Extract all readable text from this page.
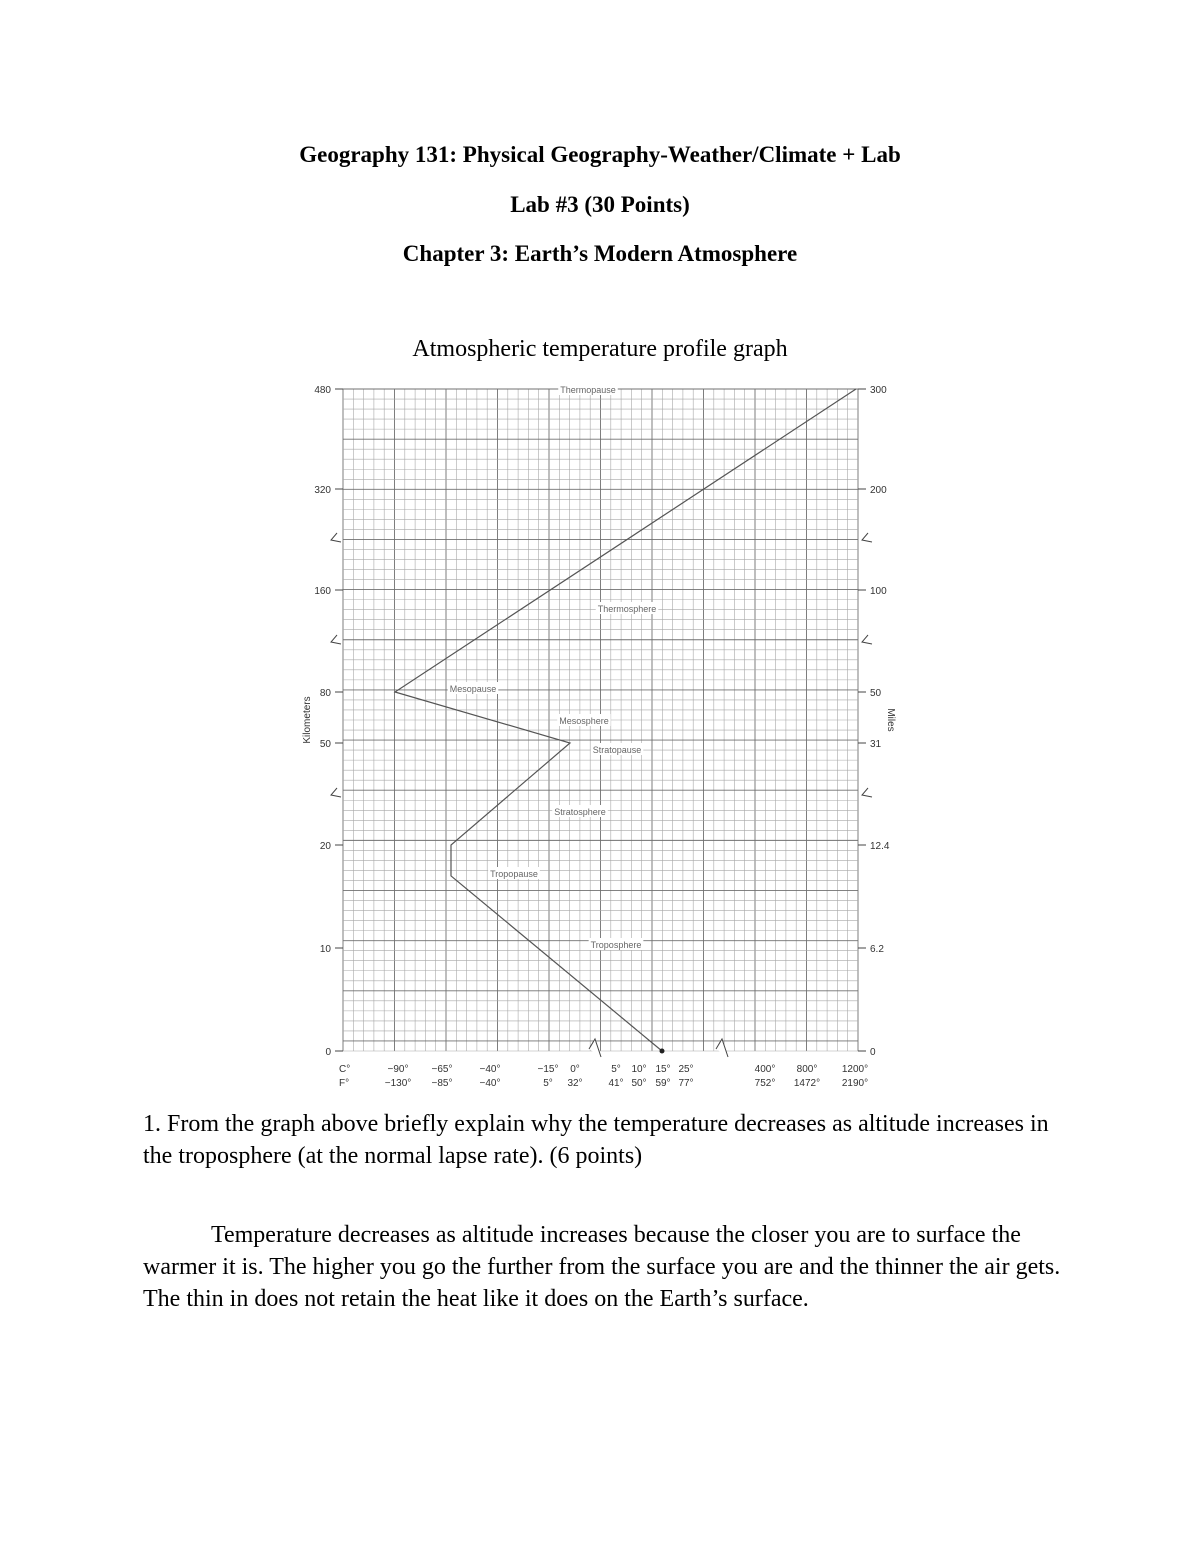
Geography 131: Physical Geography-Weather/Climate + Lab

Lab #3 (30 Points)

Chapter 3: Earth’s Modern Atmosphere

Atmospheric temperature profile graph
Thermopause
Thermosphere
Mesopause
Mesosphere
Stratopause
Stratosphere
Tropopause
Troposphere
480
320
160
80
50
20
10
0
300
200
100
50
31
12.4
6.2
0
Kilometers	Miles
C°
F°
−90° −65°	−40°	−15° 0°	5° 10° 15° 25°	400° 800° 1200°
−130° −85°	−40°	5° 32°	41° 50° 59° 77°	752° 1472° 2190°

1. From the graph above briefly explain why the temperature decreases as altitude increases in the troposphere (at the normal lapse rate). (6 points)

Temperature decreases as altitude increases because the closer you are to surface the warmer it is. The higher you go the further from the surface you are and the thinner the air gets. The thin in does not retain the heat like it does on the Earth’s surface.
